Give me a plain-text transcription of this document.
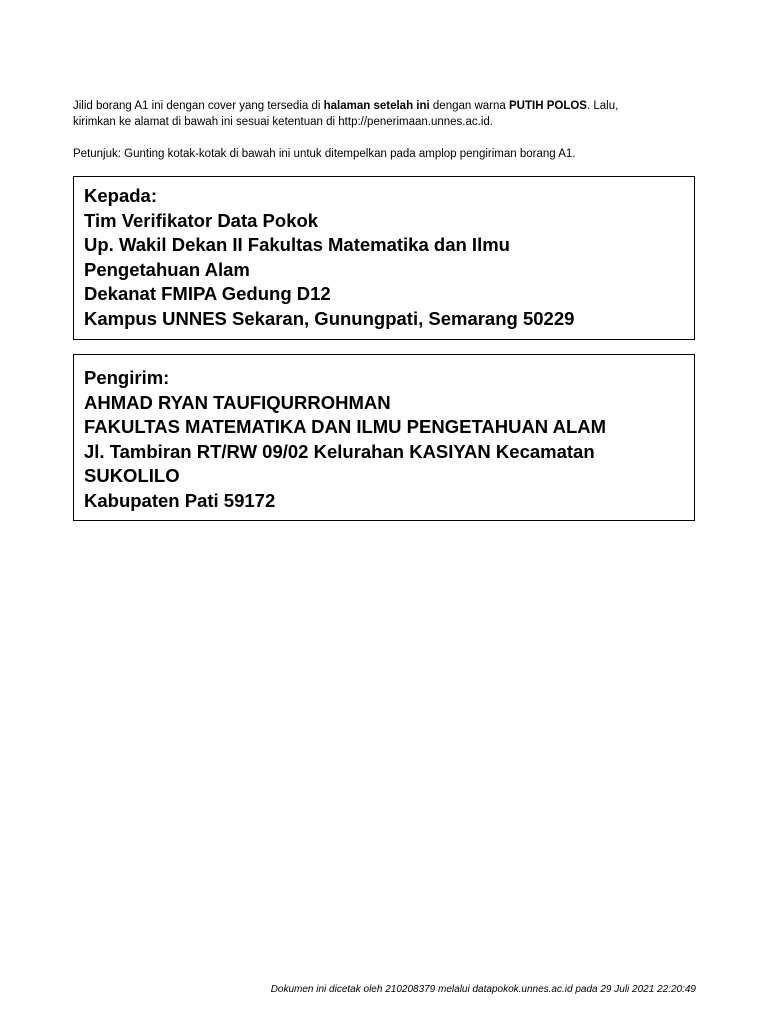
Jilid borang A1 ini dengan cover yang tersedia di halaman setelah ini dengan warna PUTIH POLOS. Lalu,
kirimkan ke alamat di bawah ini sesuai ketentuan di http://penerimaan.unnes.ac.id.

Petunjuk: Gunting kotak-kotak di bawah ini untuk ditempelkan pada amplop pengiriman borang A1.

Kepada:
Tim Verifikator Data Pokok
Up. Wakil Dekan II Fakultas Matematika dan Ilmu
Pengetahuan Alam
Dekanat FMIPA Gedung D12
Kampus UNNES Sekaran, Gunungpati, Semarang 50229
Pengirim:
AHMAD RYAN TAUFIQURROHMAN
FAKULTAS MATEMATIKA DAN ILMU PENGETAHUAN ALAM
Jl. Tambiran RT/RW 09/02 Kelurahan KASIYAN Kecamatan
SUKOLILO
Kabupaten Pati 59172
Dokumen ini dicetak oleh 210208379 melalui datapokok.unnes.ac.id pada 29 Juli 2021 22:20:49
